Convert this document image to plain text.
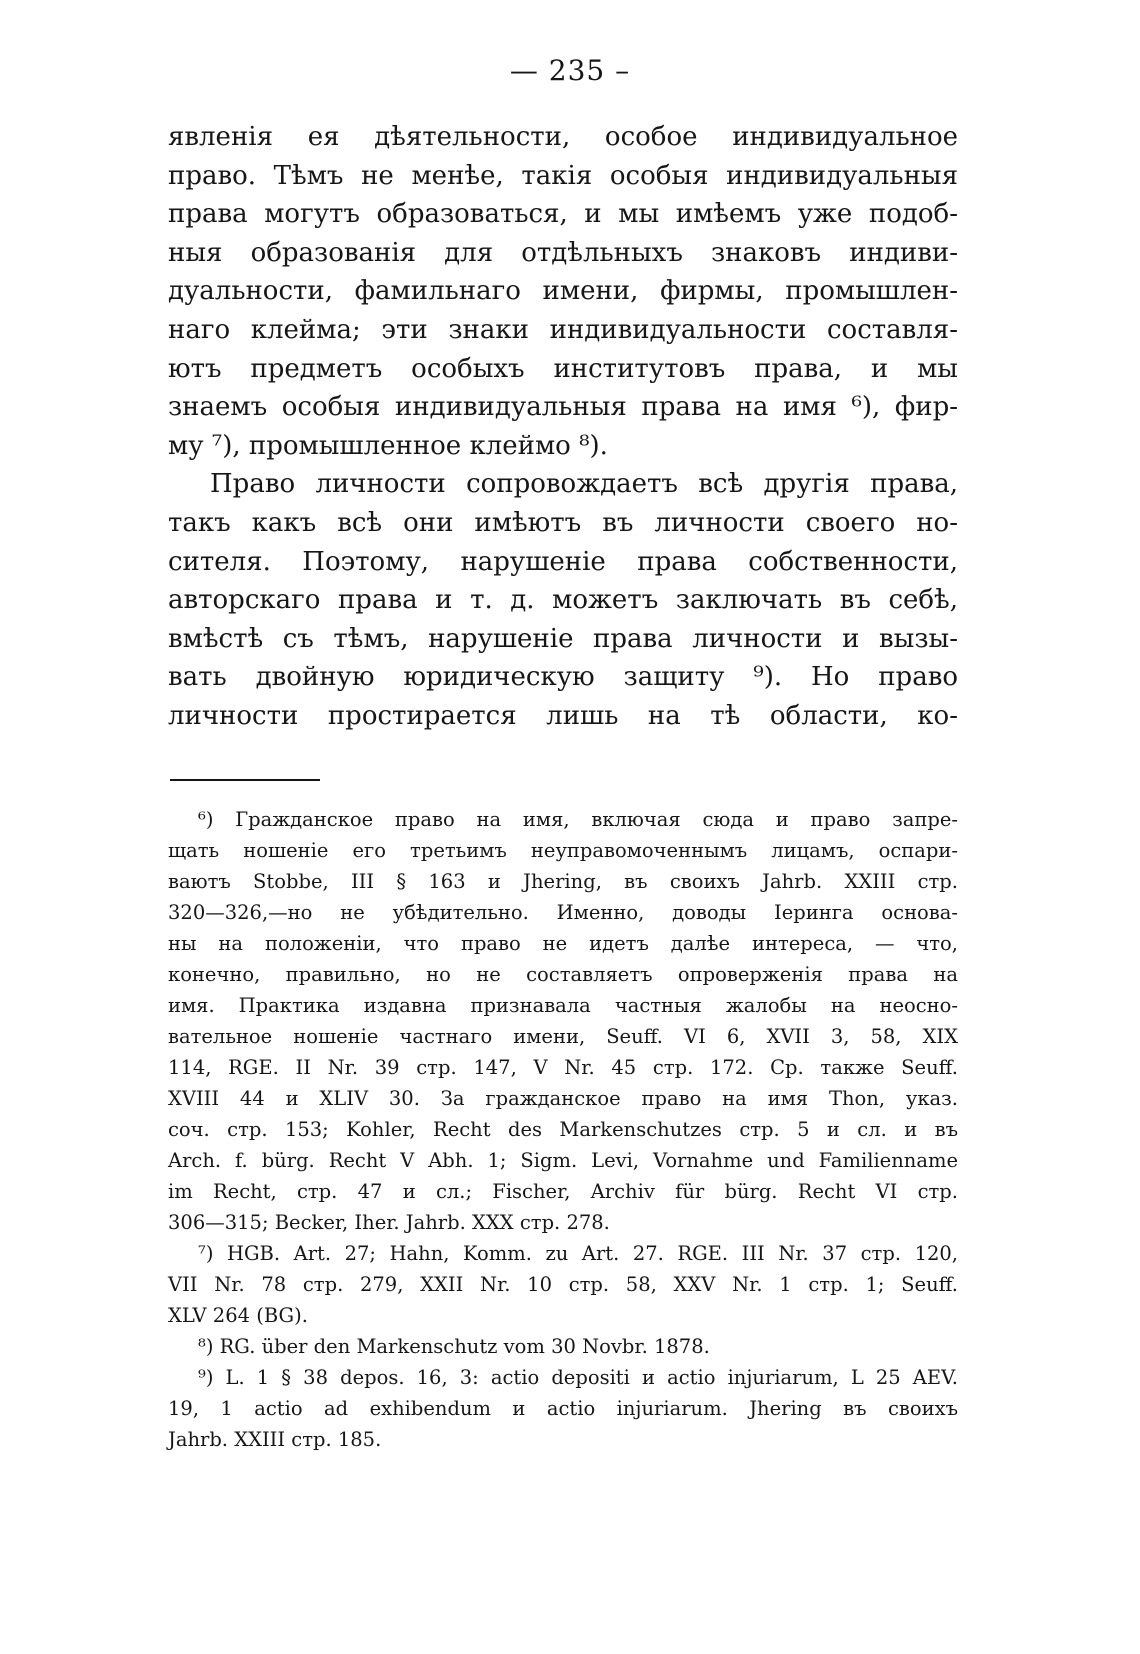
— 235 –
явленія ея дѣятельности, особое индивидуальное
право. Тѣмъ не менѣе, такія особыя индивидуальныя
права могутъ образоваться, и мы имѣемъ уже подоб-
ныя образованія для отдѣльныхъ знаковъ индиви-
дуальности, фамильнаго имени, фирмы, промышлен-
наго клейма; эти знаки индивидуальности составля-
ютъ предметъ особыхъ институтовъ права, и мы
знаемъ особыя индивидуальныя права на имя ⁶), фир-
му ⁷), промышленное клеймо ⁸).
Право личности сопровождаетъ всѣ другія права,
такъ какъ всѣ они имѣютъ въ личности своего но-
сителя. Поэтому, нарушеніе права собственности,
авторскаго права и т. д. можетъ заключать въ себѣ,
вмѣстѣ съ тѣмъ, нарушеніе права личности и вызы-
вать двойную юридическую защиту ⁹). Но право
личности простирается лишь на тѣ области, ко-
⁶) Гражданское право на имя, включая сюда и право запре-
щать ношеніе его третьимъ неуправомоченнымъ лицамъ, оспари-
ваютъ Stobbe, III § 163 и Jhering, въ своихъ Jahrb. XXIII стр.
320—326,—но не убѣдительно. Именно, доводы Іеринга основа-
ны на положеніи, что право не идетъ далѣе интереса, — что,
конечно, правильно, но не составляетъ опроверженія права на
имя. Практика издавна признавала частныя жалобы на неосно-
вательное ношеніе частнаго имени, Seuff. VI 6, XVII 3, 58, XIX
114, RGE. II Nr. 39 стр. 147, V Nr. 45 стр. 172. Ср. также Seuff.
XVIII 44 и XLIV 30. За гражданское право на имя Thon, указ.
соч. стр. 153; Kohler, Recht des Markenschutzes стр. 5 и сл. и въ
Arch. f. bürg. Recht V Abh. 1; Sigm. Levi, Vornahme und Familienname
im Recht, стр. 47 и сл.; Fischer, Archiv für bürg. Recht VI стр.
306—315; Becker, Iher. Jahrb. XXX стр. 278.
⁷) HGB. Art. 27; Hahn, Komm. zu Art. 27. RGE. III Nr. 37 стр. 120,
VII Nr. 78 стр. 279, XXII Nr. 10 стр. 58, XXV Nr. 1 стр. 1; Seuff.
XLV 264 (BG).
⁸) RG. über den Markenschutz vom 30 Novbr. 1878.
⁹) L. 1 § 38 depos. 16, 3: actio depositi и actio injuriarum, L 25 AEV.
19, 1 actio ad exhibendum и actio injuriarum. Jhering въ своихъ
Jahrb. XXIII стр. 185.
